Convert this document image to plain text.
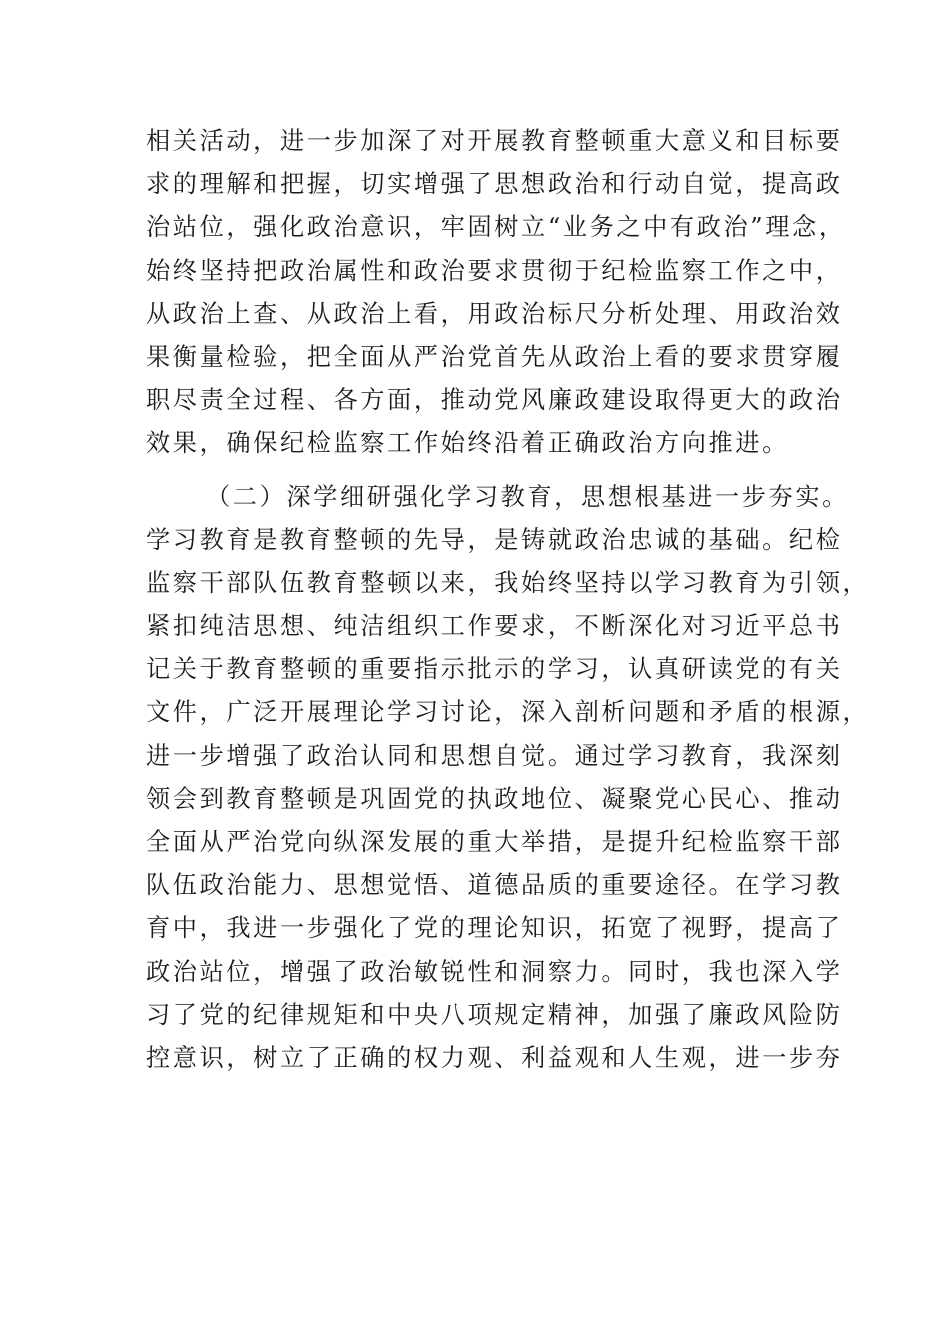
相关活动，进一步加深了对开展教育整顿重大意义和目标要
求的理解和把握，切实增强了思想政治和行动自觉，提高政
治站位，强化政治意识，牢固树立“业务之中有政治”理念，
始终坚持把政治属性和政治要求贯彻于纪检监察工作之中，
从政治上查、从政治上看，用政治标尺分析处理、用政治效
果衡量检验，把全面从严治党首先从政治上看的要求贯穿履
职尽责全过程、各方面，推动党风廉政建设取得更大的政治
效果，确保纪检监察工作始终沿着正确政治方向推进。
（二）深学细研强化学习教育，思想根基进一步夯实。
学习教育是教育整顿的先导，是铸就政治忠诚的基础。纪检
监察干部队伍教育整顿以来，我始终坚持以学习教育为引领，
紧扣纯洁思想、纯洁组织工作要求，不断深化对习近平总书
记关于教育整顿的重要指示批示的学习，认真研读党的有关
文件，广泛开展理论学习讨论，深入剖析问题和矛盾的根源，
进一步增强了政治认同和思想自觉。通过学习教育，我深刻
领会到教育整顿是巩固党的执政地位、凝聚党心民心、推动
全面从严治党向纵深发展的重大举措，是提升纪检监察干部
队伍政治能力、思想觉悟、道德品质的重要途径。在学习教
育中，我进一步强化了党的理论知识，拓宽了视野，提高了
政治站位，增强了政治敏锐性和洞察力。同时，我也深入学
习了党的纪律规矩和中央八项规定精神，加强了廉政风险防
控意识，树立了正确的权力观、利益观和人生观，进一步夯
